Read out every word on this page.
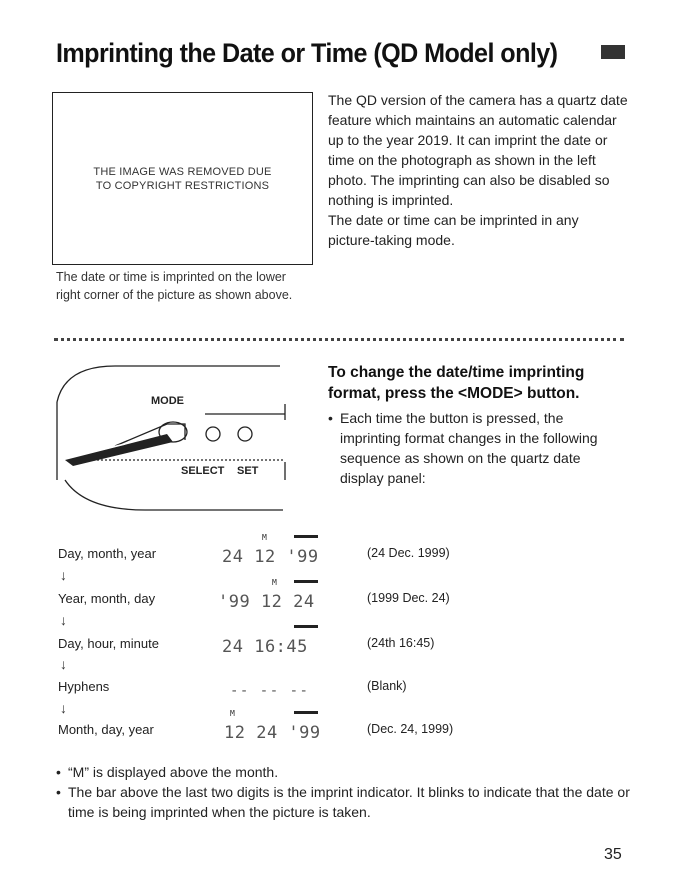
Imprinting the Date or Time (QD Model only)
THE IMAGE WAS REMOVED DUE
TO COPYRIGHT RESTRICTIONS
The date or time is imprinted on the lower right corner of the picture as shown above.

The QD version of the camera has a quartz date feature which maintains an automatic calendar up to the year 2019. It can imprint the date or time on the photograph as shown in the left photo. The imprinting can also be disabled so nothing is imprinted.

The date or time can be imprinted in any picture-taking mode.

MODE
SELECT SET
To change the date/time imprinting format, press the <MODE> button.
• Each time the button is pressed, the imprinting format changes in the following sequence as shown on the quartz date display panel:
Day, month, year
↓
Year, month, day
↓
Day, hour, minute
↓
Hyphens
↓
Month, day, year
(24 Dec. 1999)
(1999 Dec. 24)
(24th 16:45)
(Blank)
(Dec. 24, 1999)
M
24 12 '99
M
'99 12 24
24 16:45
-- -- --
M
12 24 '99
• “M” is displayed above the month.
• The bar above the last two digits is the imprint indicator. It blinks to indicate that the date or time is being imprinted when the picture is taken.
35
